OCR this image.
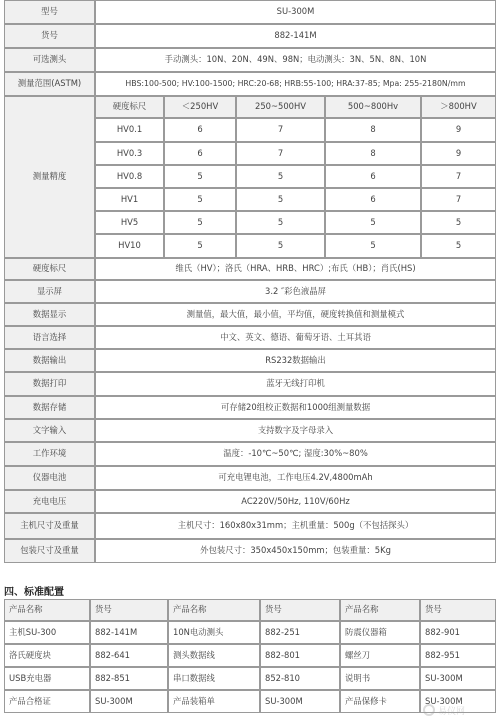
型号	SU-300M
货号	882-141M
可选测头	手动测头：10N、20N、49N、98N；电动测头：3N、5N、8N、10N
测量范围(ASTM)	HBS:100-500; HV:100-1500; HRC:20-68; HRB:55-100; HRA:37-85; Mpa: 255-2180N/mm
测量精度
硬度标尺	＜250HV	250~500HV	500~800Hv	＞800HV
HV0.1	6	7	8	9
HV0.3	6	7	8	9
HV0.8	5	5	6	7
HV1	5	5	6	7
HV5	5	5	5	5
HV10	5	5	5	5
硬度标尺	维氏（HV）；洛氏（HRA、HRB、HRC）;布氏（HB）；肖氏(HS)
显示屏	3.2 ″彩色液晶屏
数据显示	测量值，最大值，最小值，平均值，硬度转换值和测量模式
语言选择	中文、英文、德语、葡萄牙语、土耳其语
数据输出	RS232数据输出
数据打印	蓝牙无线打印机
数据存储	可存储20组校正数据和1000组测量数据
文字输入	支持数字及字母录入
工作环境	温度：-10℃~50℃; 湿度:30%~80%
仪器电池	可充电锂电池，工作电压4.2V,4800mAh
充电电压	AC220V/50Hz, 110V/60Hz
主机尺寸及重量	主机尺寸：160x80x31mm；主机重量：500g（不包括探头）
包装尺寸及重量	外包装尺寸：350x450x150mm；包装重量：5Kg
四、标准配置
产品名称	货号	产品名称	货号	产品名称	货号
主机SU-300	882-141M	10N电动测头	882-251	防震仪器箱	882-901
洛氏硬度块	882-641	测头数据线	882-801	螺丝刀	882-951
USB充电器	882-851	串口数据线	852-810	说明书	SU-300M
产品合格证	SU-300M	产品装箱单	SU-300M	产品保修卡	SU-300M
易仪网
